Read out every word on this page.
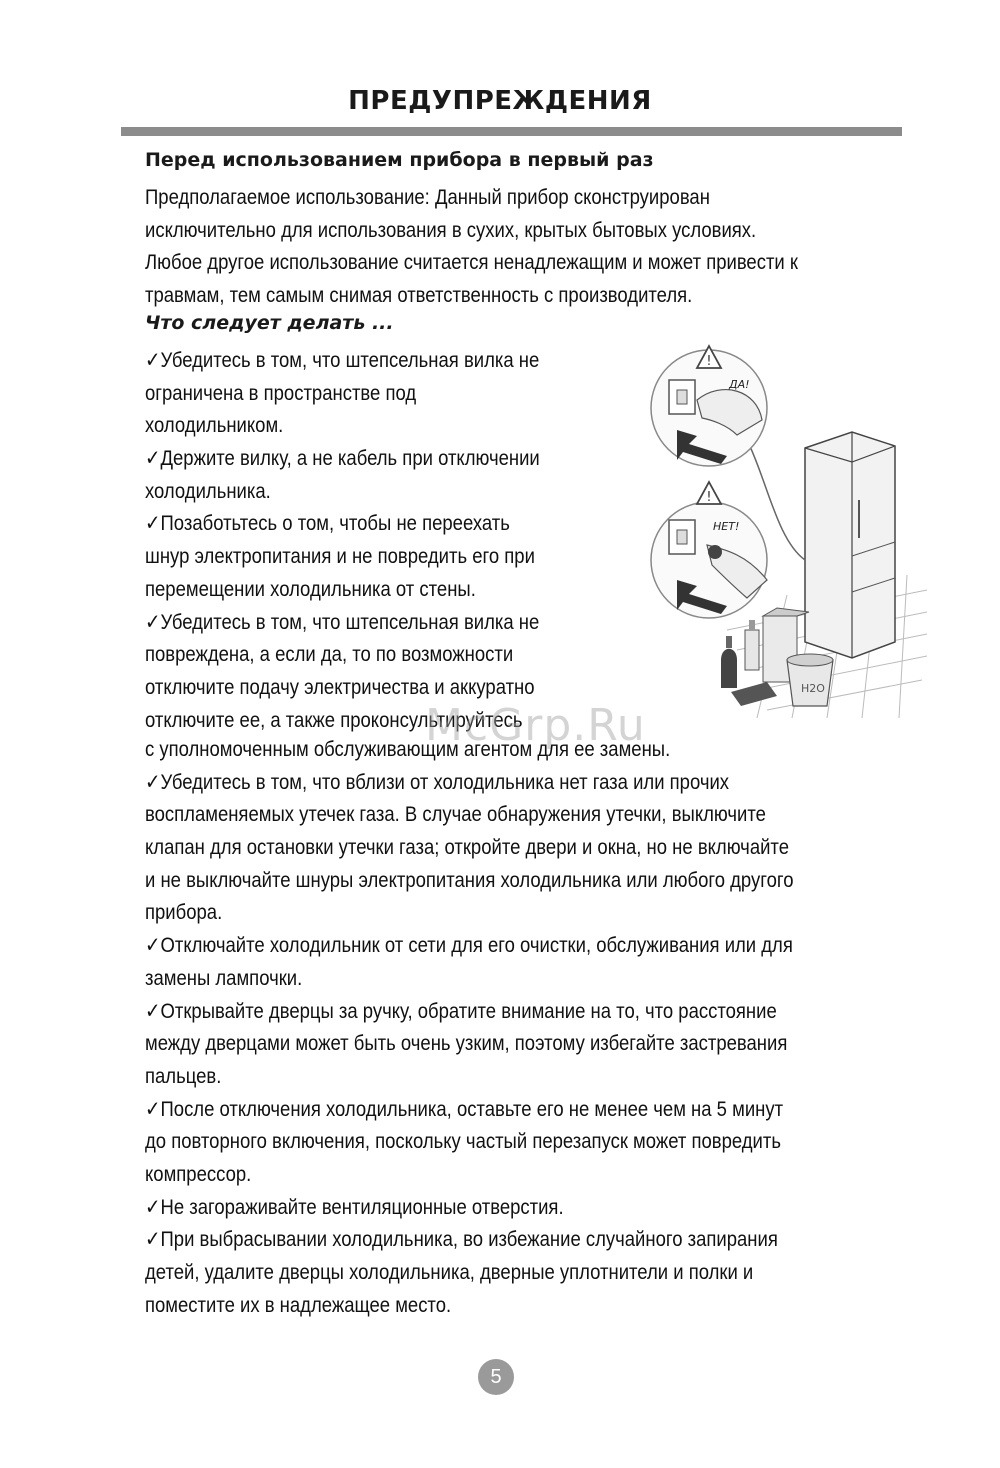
ПРЕДУПРЕЖДЕНИЯ
Перед использованием прибора в первый раз
Предполагаемое использование: Данный прибор сконструирован
исключительно для использования в сухих, крытых бытовых условиях.
Любое другое использование считается ненадлежащим и может привести к
травмам, тем самым снимая ответственность с производителя.
Что следует делать ...
✓Убедитесь в том, что штепсельная вилка не
ограничена в пространстве под
холодильником.
✓Держите вилку, а не кабель при отключении
холодильника.
✓Позаботьтесь о том, чтобы не переехать
шнур электропитания и не повредить его при
перемещении холодильника от стены.
✓Убедитесь в том, что штепсельная вилка не
повреждена, а если да, то по возможности
отключите подачу электричества и аккуратно
отключите ее, а также проконсультируйтесь
!
ДА!
!
НЕТ!
H2O
McGrp.Ru
с уполномоченным обслуживающим агентом для ее замены.
✓Убедитесь в том, что вблизи от холодильника нет газа или прочих
воспламеняемых утечек газа. В случае обнаружения утечки, выключите
клапан для остановки утечки газа; откройте двери и окна, но не включайте
и не выключайте шнуры электропитания холодильника или любого другого
прибора.
✓Отключайте холодильник от сети для его очистки, обслуживания или для
замены лампочки.
✓Открывайте дверцы за ручку, обратите внимание на то, что расстояние
между дверцами может быть очень узким, поэтому избегайте застревания
пальцев.
✓После отключения холодильника, оставьте его не менее чем на 5 минут
до повторного включения, поскольку частый перезапуск может повредить
компрессор.
✓Не загораживайте вентиляционные отверстия.
✓При выбрасывании холодильника, во избежание случайного запирания
детей, удалите дверцы холодильника, дверные уплотнители и полки и
поместите их в надлежащее место.
5
